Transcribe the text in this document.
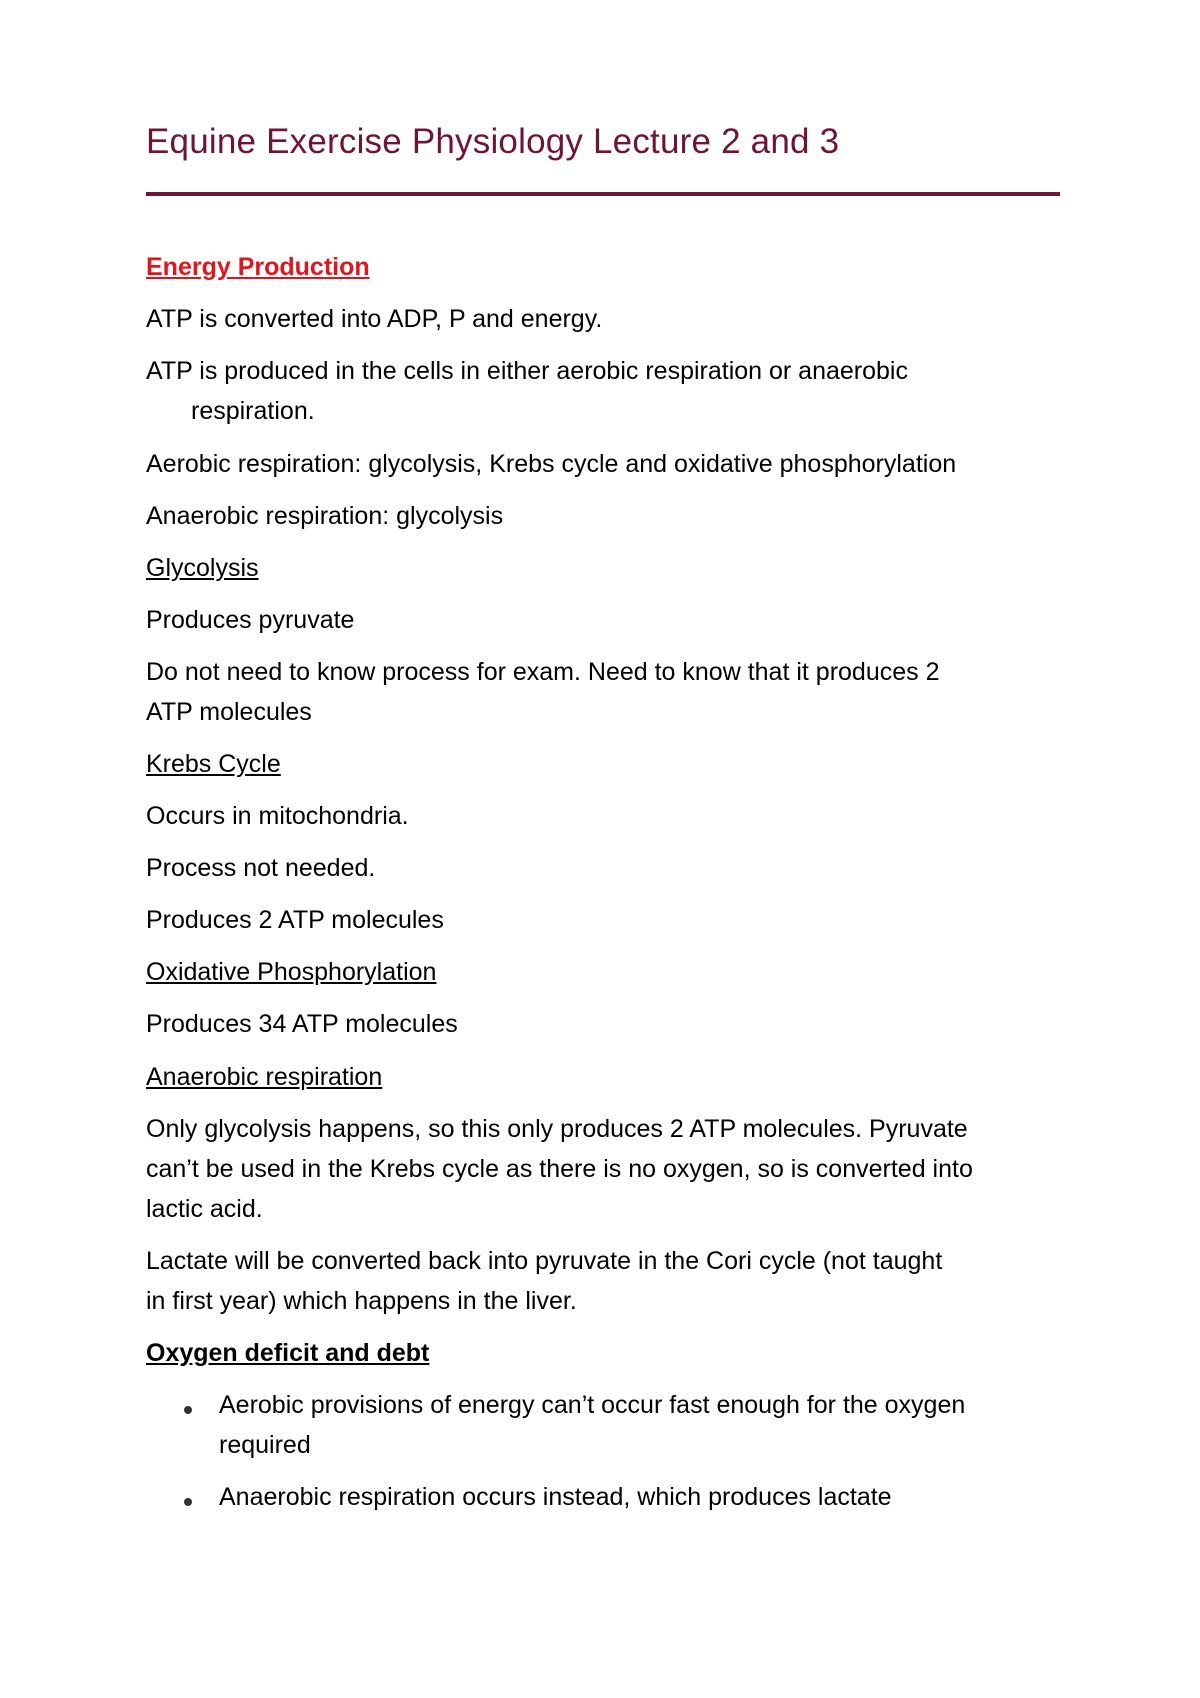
Equine Exercise Physiology Lecture 2 and 3
Energy Production
ATP is converted into ADP, P and energy.
ATP is produced in the cells in either aerobic respiration or anaerobic
respiration.
Aerobic respiration: glycolysis, Krebs cycle and oxidative phosphorylation
Anaerobic respiration: glycolysis
Glycolysis
Produces pyruvate
Do not need to know process for exam. Need to know that it produces 2
ATP molecules
Krebs Cycle
Occurs in mitochondria.
Process not needed.
Produces 2 ATP molecules
Oxidative Phosphorylation
Produces 34 ATP molecules
Anaerobic respiration
Only glycolysis happens, so this only produces 2 ATP molecules. Pyruvate
can’t be used in the Krebs cycle as there is no oxygen, so is converted into
lactic acid.
Lactate will be converted back into pyruvate in the Cori cycle (not taught
in first year) which happens in the liver.
Oxygen deficit and debt
Aerobic provisions of energy can’t occur fast enough for the oxygen
required
Anaerobic respiration occurs instead, which produces lactate
